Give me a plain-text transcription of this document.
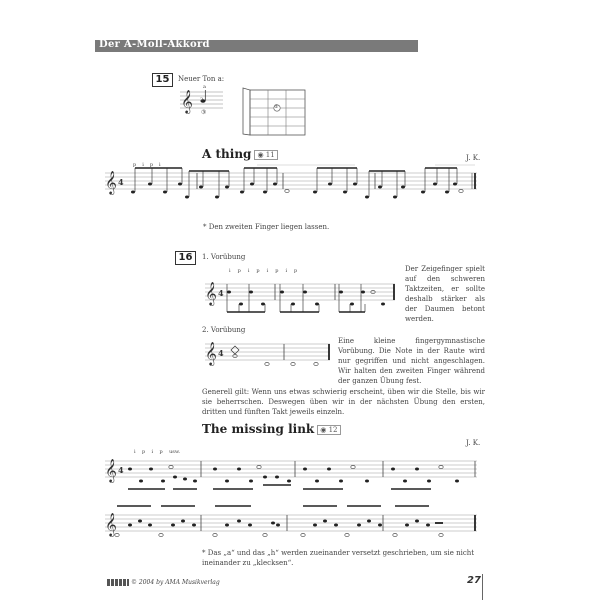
Der A-Moll-Akkord
15	Neuer Ton a:
𝄞 2
a
③
②
A thing ◉ 11	J. K.
𝄞 4
pipi
* Den zweiten Finger liegen lassen.
16	1. Vorübung
ipipipip
𝄞 4
Der Zeigefinger spielt auf den schweren Taktzeiten, er sollte deshalb stärker als der Daumen betont werden.
2. Vorübung
𝄞 4
Eine kleine fingergymnastische Vorübung. Die Note in der Raute wird nur gegriffen und nicht angeschlagen. Wir halten den zweiten Finger während der ganzen Übung fest.
Generell gilt: Wenn uns etwas schwierig erscheint, üben wir die Stelle, bis wir sie beherrschen. Deswegen üben wir in der nächsten Übung den ersten, dritten und fünften Takt jeweils einzeln.
The missing link ◉ 12
J. K.
i p i p usw.
𝄞 4
𝄞
* Das „a“ und das „h“ werden zueinander versetzt geschrieben, um sie nicht ineinander zu „klecksen“.
© 2004 by AMA Musikverlag	27
